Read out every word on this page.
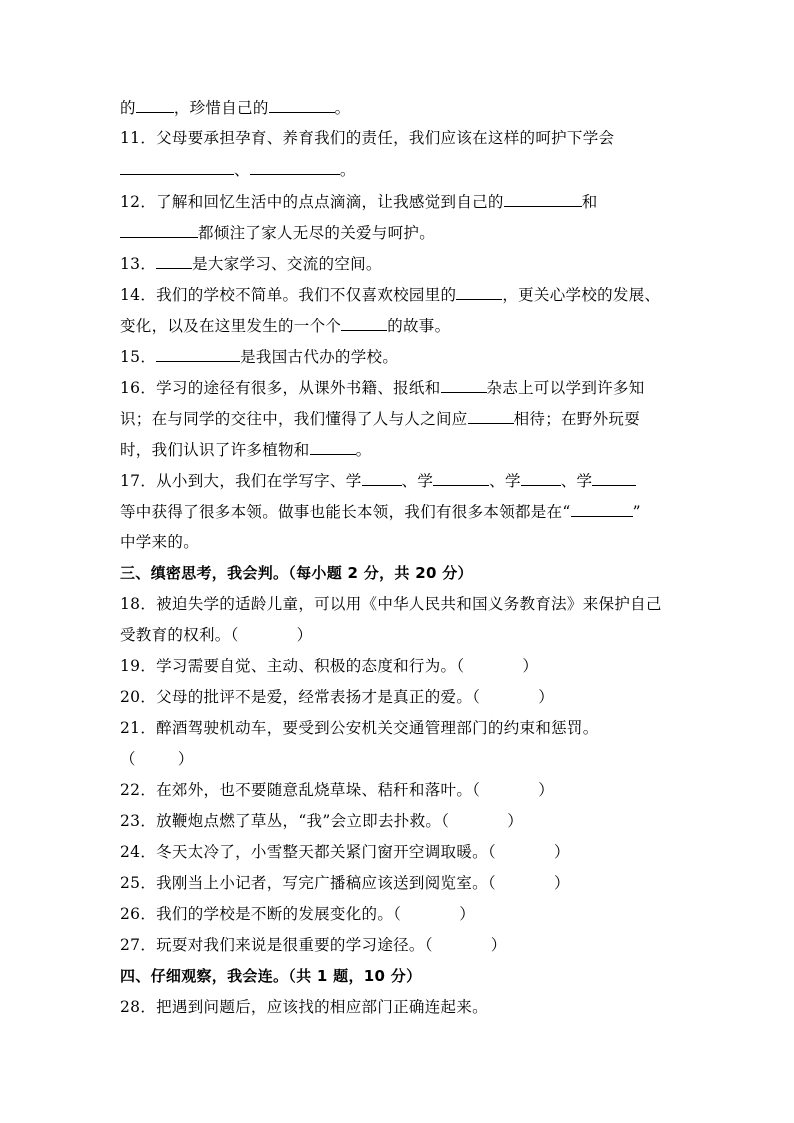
的 ，珍惜自己的	。
11．父母要承担孕育、养育我们的责任，我们应该在这样的呵护下学会
、	。
12．了解和回忆生活中的点点滴滴，让我感觉到自己的	和
都倾注了家人无尽的关爱与呵护。
13． 是大家学习、交流的空间。
14．我们的学校不简单。我们不仅喜欢校园里的	，更关心学校的发展、
变化，以及在这里发生的一个个	的故事。
15．	是我国古代办的学校。
16．学习的途径有很多，从课外书籍、报纸和	杂志上可以学到许多知
识；在与同学的交往中，我们懂得了人与人之间应	相待；在野外玩耍
时，我们认识了许多植物和	。
17．从小到大，我们在学写字、学	、学	、学	、学
等中获得了很多本领。做事也能长本领，我们有很多本领都是在“	”
中学来的。
三、缜密思考，我会判。（每小题 2 分，共 20 分）
18．被迫失学的适龄儿童，可以用《中华人民共和国义务教育法》来保护自己
受教育的权利。（	）
19．学习需要自觉、主动、积极的态度和行为。（	）
20．父母的批评不是爱，经常表扬才是真正的爱。（	）
21．醉酒驾驶机动车，要受到公安机关交通管理部门的约束和惩罚。
（	）
22．在郊外，也不要随意乱烧草垛、秸秆和落叶。（	）
23．放鞭炮点燃了草丛，“我”会立即去扑救。（	）
24．冬天太冷了，小雪整天都关紧门窗开空调取暖。（	）
25．我刚当上小记者，写完广播稿应该送到阅览室。（	）
26．我们的学校是不断的发展变化的。（	）
27．玩耍对我们来说是很重要的学习途径。（	）
四、仔细观察，我会连。（共 1 题，10 分）
28．把遇到问题后，应该找的相应部门正确连起来。
